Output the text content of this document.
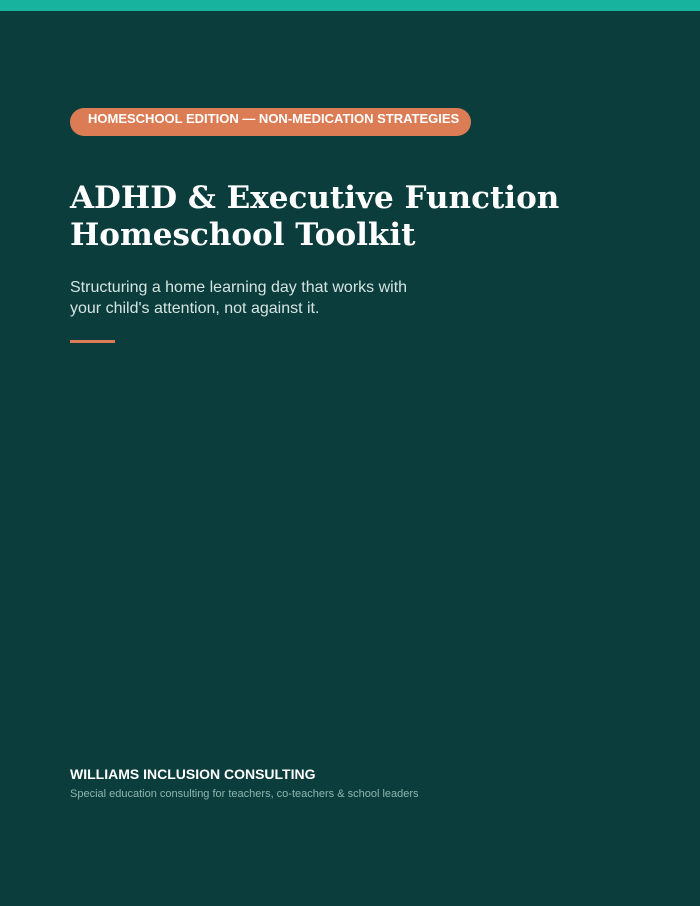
HOMESCHOOL EDITION — NON-MEDICATION STRATEGIES
ADHD & Executive Function
Homeschool Toolkit

Structuring a home learning day that works with your child's attention, not against it.

WILLIAMS INCLUSION CONSULTING

Special education consulting for teachers, co-teachers & school leaders
